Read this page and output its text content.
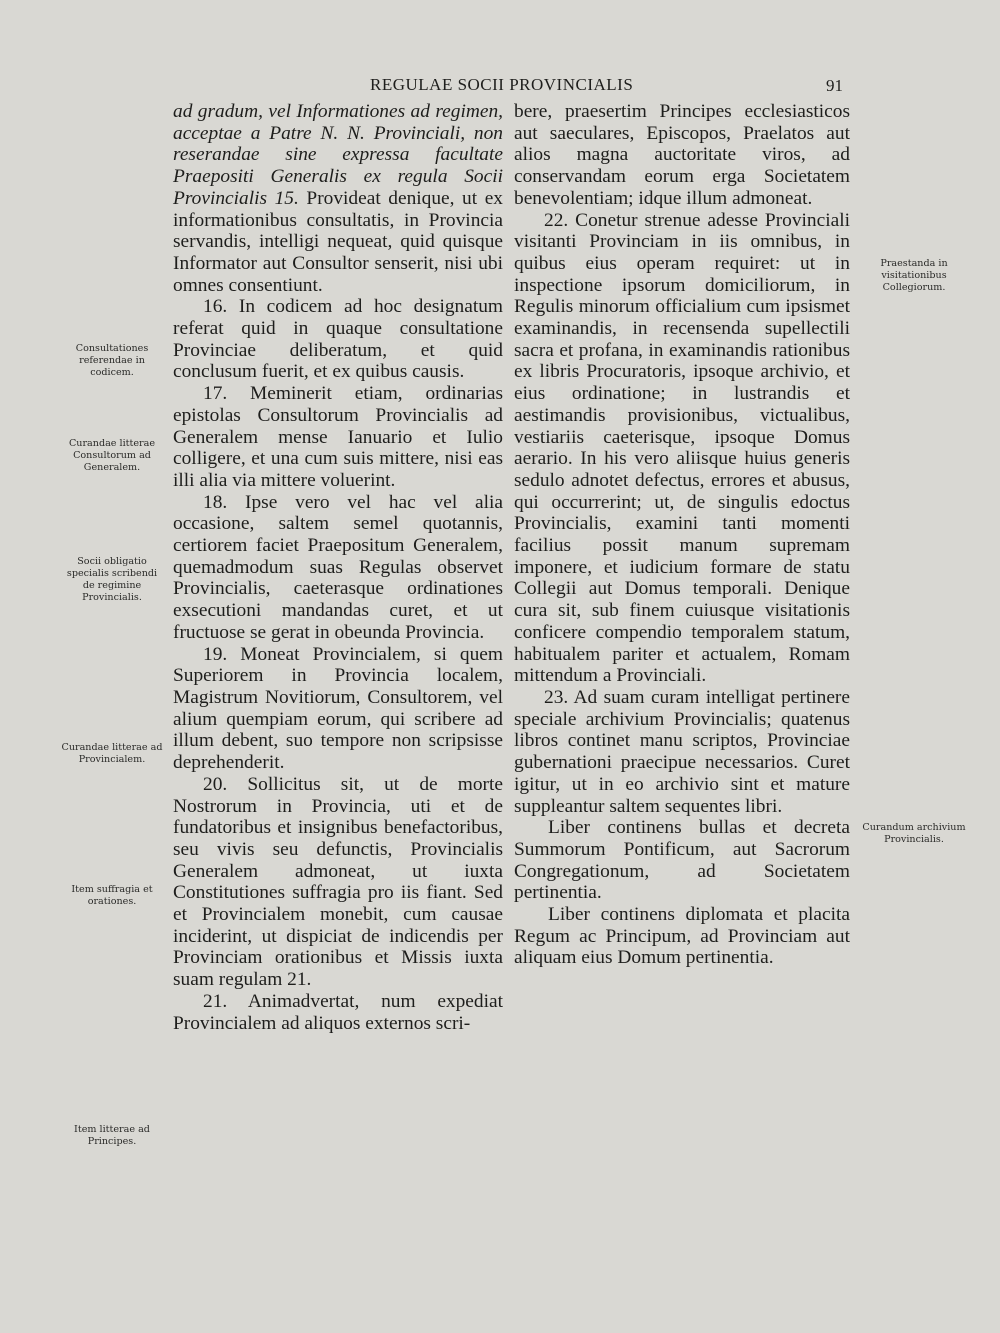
REGULAE SOCII PROVINCIALIS	91
Consultationes referendae in codicem.
Curandae litterae Consultorum ad Generalem.
Socii obligatio specialis scribendi de regimine Provincialis.
Curandae litterae ad Provincialem.
Item suffragia et orationes.
Item litterae ad Principes.
Praestanda in visitationibus Collegiorum.
Curandum archivium Provincialis.

ad gradum, vel Informationes ad regimen, acceptae a Patre N. N. Provinciali, non reserandae sine expressa facultate Praepositi Generalis ex regula Socii Provincialis 15. Provideat denique, ut ex informationibus consultatis, in Provincia servandis, intelligi nequeat, quid quisque Informator aut Consultor senserit, nisi ubi omnes consentiunt.

16. In codicem ad hoc designatum referat quid in quaque consultatione Provinciae deliberatum, et quid conclusum fuerit, et ex quibus causis.

17. Meminerit etiam, ordinarias epistolas Consultorum Provincialis ad Generalem mense Ianuario et Iulio colligere, et una cum suis mittere, nisi eas illi alia via mittere voluerint.

18. Ipse vero vel hac vel alia occasione, saltem semel quotannis, certiorem faciet Praepositum Generalem, quemadmodum suas Regulas observet Provincialis, caeterasque ordinationes exsecutioni mandandas curet, et ut fructuose se gerat in obeunda Provincia.

19. Moneat Provincialem, si quem Superiorem in Provincia localem, Magistrum Novitiorum, Consultorem, vel alium quempiam eorum, qui scribere ad illum debent, suo tempore non scripsisse deprehenderit.

20. Sollicitus sit, ut de morte Nostrorum in Provincia, uti et de fundatoribus et insignibus benefactoribus, seu vivis seu defunctis, Provincialis Generalem admoneat, ut iuxta Constitutiones suffragia pro iis fiant. Sed et Provincialem monebit, cum causae inciderint, ut dispiciat de indicendis per Provinciam orationibus et Missis iuxta suam regulam 21.

21. Animadvertat, num expediat Provincialem ad aliquos externos scri-

bere, praesertim Principes ecclesiasticos aut saeculares, Episcopos, Praelatos aut alios magna auctoritate viros, ad conservandam eorum erga Societatem benevolentiam; idque illum admoneat.

22. Conetur strenue adesse Provinciali visitanti Provinciam in iis omnibus, in quibus eius operam requiret: ut in inspectione ipsorum domiciliorum, in Regulis minorum officialium cum ipsismet examinandis, in recensenda supellectili sacra et profana, in examinandis rationibus ex libris Procuratoris, ipsoque archivio, et eius ordinatione; in lustrandis et aestimandis provisionibus, victualibus, vestiariis caeterisque, ipsoque Domus aerario. In his vero aliisque huius generis sedulo adnotet defectus, errores et abusus, qui occurrerint; ut, de singulis edoctus Provincialis, examini tanti momenti facilius possit manum supremam imponere, et iudicium formare de statu Collegii aut Domus temporali. Denique cura sit, sub finem cuiusque visitationis conficere compendio temporalem statum, habitualem pariter et actualem, Romam mittendum a Provinciali.

23. Ad suam curam intelligat pertinere speciale archivium Provincialis; quatenus libros continet manu scriptos, Provinciae gubernationi praecipue necessarios. Curet igitur, ut in eo archivio sint et mature suppleantur saltem sequentes libri.

Liber continens bullas et decreta Summorum Pontificum, aut Sacrorum Congregationum, ad Societatem pertinentia.

Liber continens diplomata et placita Regum ac Principum, ad Provinciam aut aliquam eius Domum pertinentia.
